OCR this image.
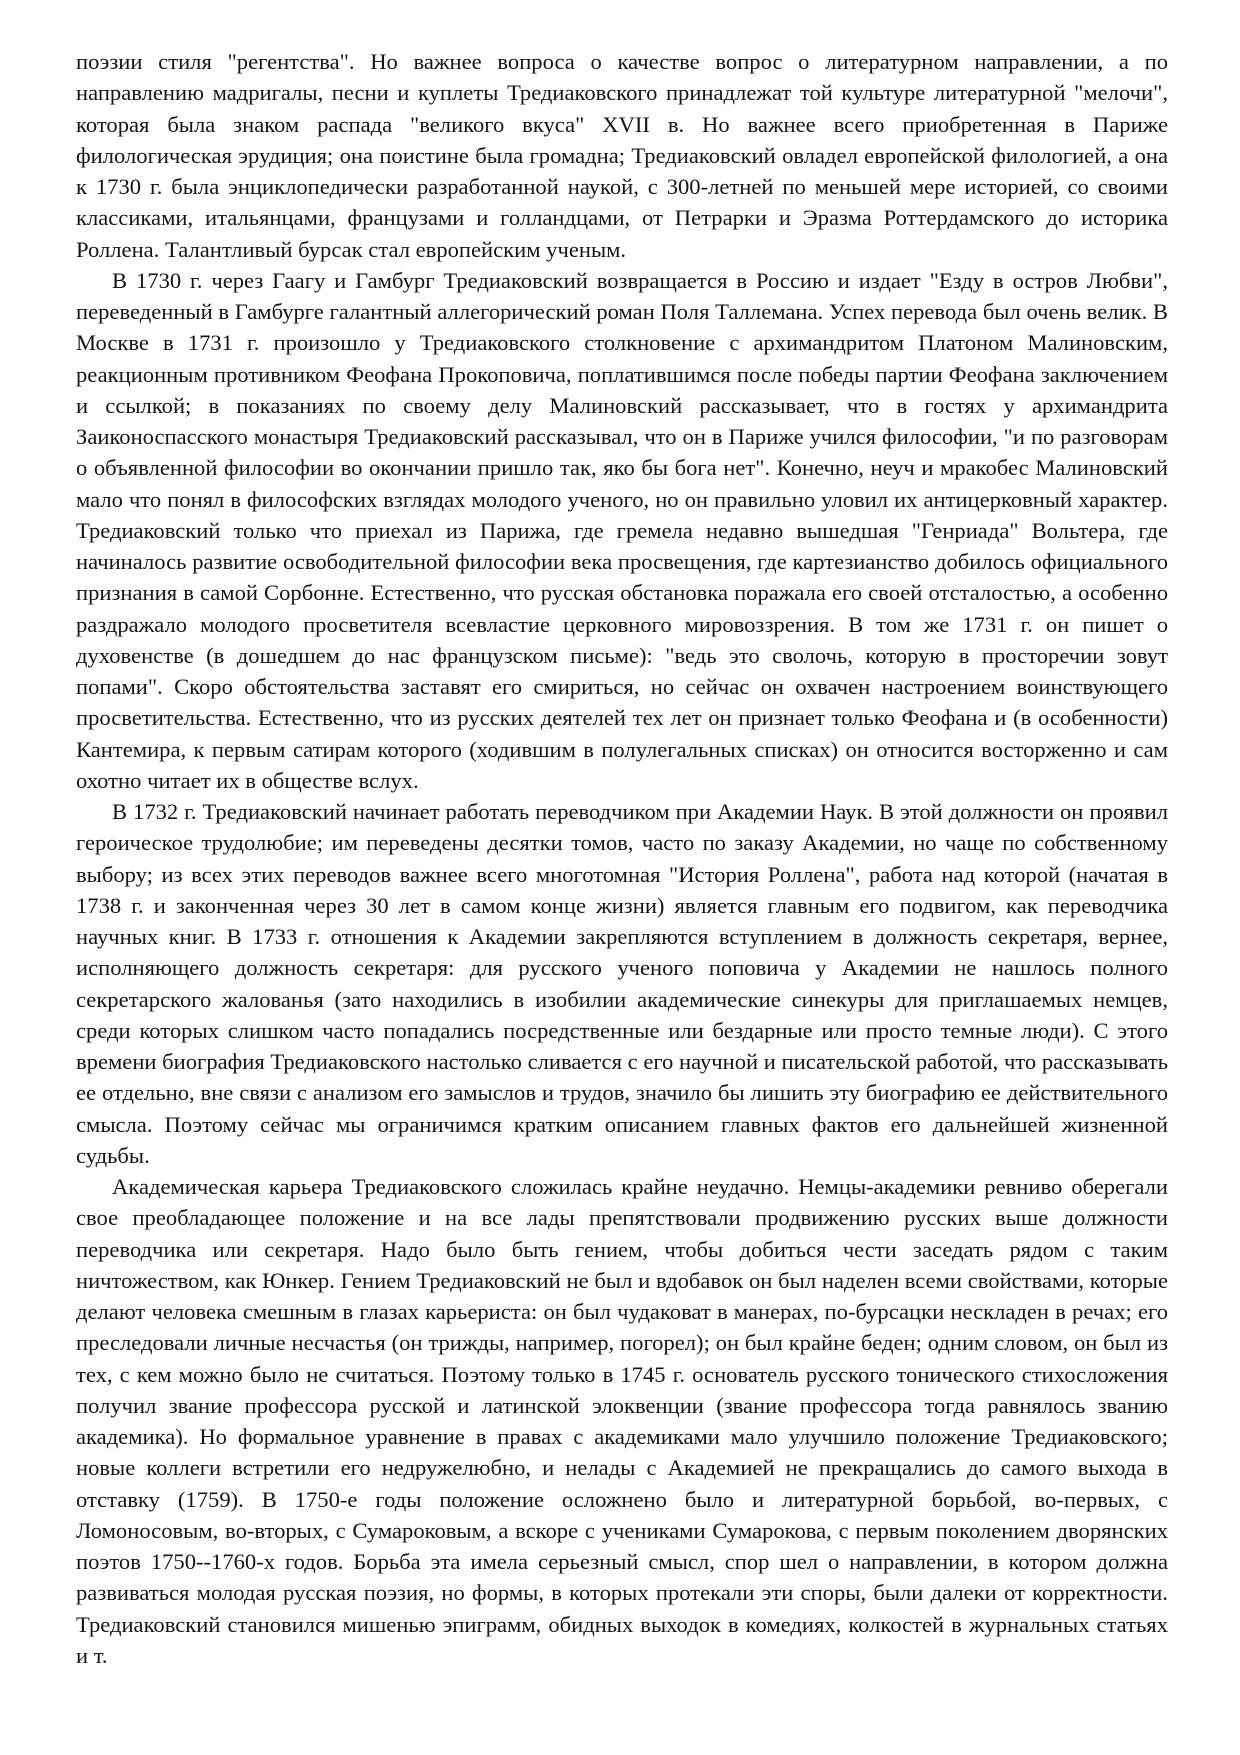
поэзии стиля "регентства". Но важнее вопроса о качестве вопрос о литературном направлении, а по направлению мадригалы, песни и куплеты Тредиаковского принадлежат той культуре литературной "мелочи", которая была знаком распада "великого вкуса" XVII в. Но важнее всего приобретенная в Париже филологическая эрудиция; она поистине была громадна; Тредиаковский овладел европейской филологией, а она к 1730 г. была энциклопедически разработанной наукой, с 300-летней по меньшей мере историей, со своими классиками, итальянцами, французами и голландцами, от Петрарки и Эразма Роттердамского до историка Роллена. Талантливый бурсак стал европейским ученым.

В 1730 г. через Гаагу и Гамбург Тредиаковский возвращается в Россию и издает "Езду в остров Любви", переведенный в Гамбурге галантный аллегорический роман Поля Таллемана. Успех перевода был очень велик. В Москве в 1731 г. произошло у Тредиаковского столкновение с архимандритом Платоном Малиновским, реакционным противником Феофана Прокоповича, поплатившимся после победы партии Феофана заключением и ссылкой; в показаниях по своему делу Малиновский рассказывает, что в гостях у архимандрита Заиконоспасского монастыря Тредиаковский рассказывал, что он в Париже учился философии, "и по разговорам о объявленной философии во окончании пришло так, яко бы бога нет". Конечно, неуч и мракобес Малиновский мало что понял в философских взглядах молодого ученого, но он правильно уловил их антицерковный характер. Тредиаковский только что приехал из Парижа, где гремела недавно вышедшая "Генриада" Вольтера, где начиналось развитие освободительной философии века просвещения, где картезианство добилось официального признания в самой Сорбонне. Естественно, что русская обстановка поражала его своей отсталостью, а особенно раздражало молодого просветителя всевластие церковного мировоззрения. В том же 1731 г. он пишет о духовенстве (в дошедшем до нас французском письме): "ведь это сволочь, которую в просторечии зовут попами". Скоро обстоятельства заставят его смириться, но сейчас он охвачен настроением воинствующего просветительства. Естественно, что из русских деятелей тех лет он признает только Феофана и (в особенности) Кантемира, к первым сатирам которого (ходившим в полулегальных списках) он относится восторженно и сам охотно читает их в обществе вслух.

В 1732 г. Тредиаковский начинает работать переводчиком при Академии Наук. В этой должности он проявил героическое трудолюбие; им переведены десятки томов, часто по заказу Академии, но чаще по собственному выбору; из всех этих переводов важнее всего многотомная "История Роллена", работа над которой (начатая в 1738 г. и законченная через 30 лет в самом конце жизни) является главным его подвигом, как переводчика научных книг. В 1733 г. отношения к Академии закрепляются вступлением в должность секретаря, вернее, исполняющего должность секретаря: для русского ученого поповича у Академии не нашлось полного секретарского жалованья (зато находились в изобилии академические синекуры для приглашаемых немцев, среди которых слишком часто попадались посредственные или бездарные или просто темные люди). С этого времени биография Тредиаковского настолько сливается с его научной и писательской работой, что рассказывать ее отдельно, вне связи с анализом его замыслов и трудов, значило бы лишить эту биографию ее действительного смысла. Поэтому сейчас мы ограничимся кратким описанием главных фактов его дальнейшей жизненной судьбы.

Академическая карьера Тредиаковского сложилась крайне неудачно. Немцы-академики ревниво оберегали свое преобладающее положение и на все лады препятствовали продвижению русских выше должности переводчика или секретаря. Надо было быть гением, чтобы добиться чести заседать рядом с таким ничтожеством, как Юнкер. Гением Тредиаковский не был и вдобавок он был наделен всеми свойствами, которые делают человека смешным в глазах карьериста: он был чудаковат в манерах, по-бурсацки нескладен в речах; его преследовали личные несчастья (он трижды, например, погорел); он был крайне беден; одним словом, он был из тех, с кем можно было не считаться. Поэтому только в 1745 г. основатель русского тонического стихосложения получил звание профессора русской и латинской элоквенции (звание профессора тогда равнялось званию академика). Но формальное уравнение в правах с академиками мало улучшило положение Тредиаковского; новые коллеги встретили его недружелюбно, и нелады с Академией не прекращались до самого выхода в отставку (1759). В 1750-е годы положение осложнено было и литературной борьбой, во-первых, с Ломоносовым, во-вторых, с Сумароковым, а вскоре с учениками Сумарокова, с первым поколением дворянских поэтов 1750--1760-х годов. Борьба эта имела серьезный смысл, спор шел о направлении, в котором должна развиваться молодая русская поэзия, но формы, в которых протекали эти споры, были далеки от корректности. Тредиаковский становился мишенью эпиграмм, обидных выходок в комедиях, колкостей в журнальных статьях и т.
